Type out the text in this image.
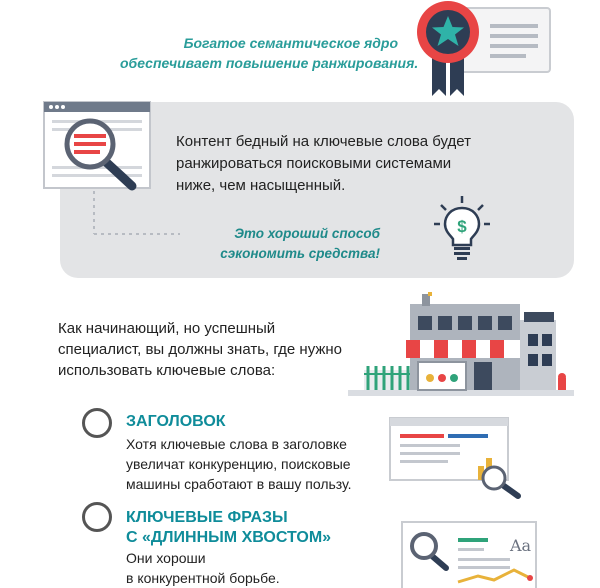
Богатое семантическое ядро
обеспечивает повышение ранжирования.
Контент бедный на ключевые слова будет
ранжироваться поисковыми системами
ниже, чем насыщенный.
Это хороший способ
сэкономить средства!
$
Как начинающий, но успешный
специалист, вы должны знать, где нужно
использовать ключевые слова:
ЗАГОЛОВОК
Хотя ключевые слова в заголовке
увеличат конкуренцию, поисковые
машины сработают в вашу пользу.
КЛЮЧЕВЫЕ ФРАЗЫ
С «ДЛИННЫМ ХВОСТОМ»
Они хороши
в конкурентной борьбе.
Aa
